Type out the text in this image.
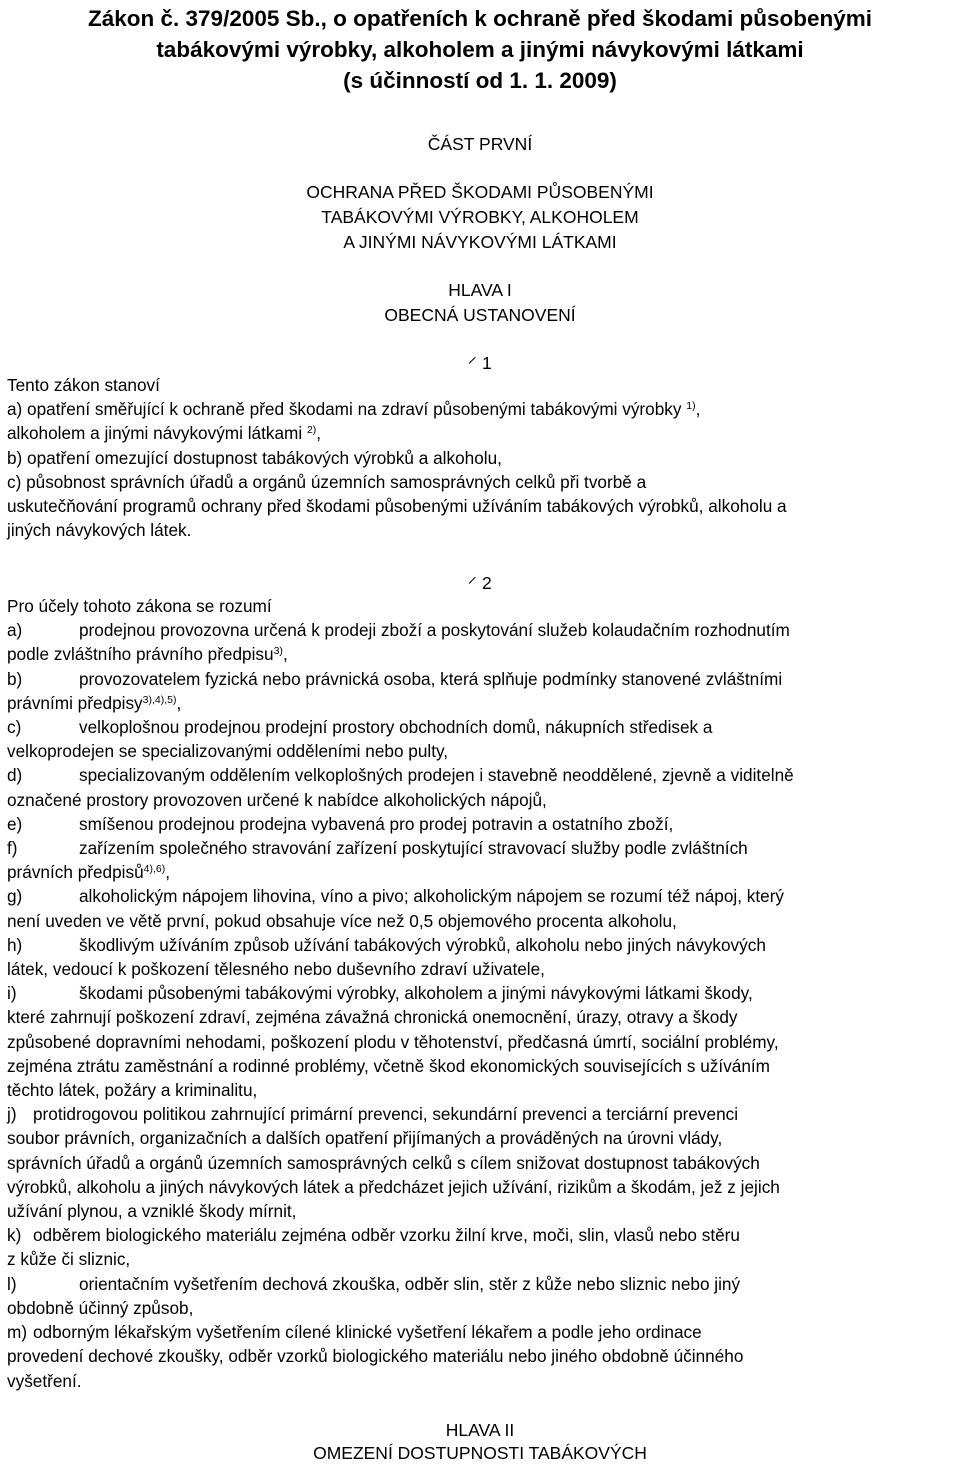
Zákon č. 379/2005 Sb., o opatřeních k ochraně před škodami působenými
tabákovými výrobky, alkoholem a jinými návykovými látkami
(s účinností od 1. 1. 2009)
ČÁST PRVNÍ
OCHRANA PŘED ŠKODAMI PŮSOBENÝMI
TABÁKOVÝMI VÝROBKY, ALKOHOLEM
A JINÝMI NÁVYKOVÝMI LÁTKAMI
HLAVA I
OBECNÁ USTANOVENÍ
1
Tento zákon stanoví
a) opatření směřující k ochraně před škodami na zdraví působenými tabákovými výrobky $^{1)}$,
alkoholem a jinými návykovými látkami $^{2)}$,
b) opatření omezující dostupnost tabákových výrobků a alkoholu,
c) působnost správních úřadů a orgánů územních samosprávných celků při tvorbě a
uskutečňování programů ochrany před škodami působenými užíváním tabákových výrobků, alkoholu a
jiných návykových látek.
2
Pro účely tohoto zákona se rozumí
a)	prodejnou provozovna určená k prodeji zboží a poskytování služeb kolaudačním rozhodnutím
podle zvláštního právního předpisu$^{3)}$,
b)	provozovatelem fyzická nebo právnická osoba, která splňuje podmínky stanovené zvláštními
právními předpisy$^{3),4),5)}$,
c)	velkoplošnou prodejnou prodejní prostory obchodních domů, nákupních středisek a
velkoprodejen se specializovanými odděleními nebo pulty,
d)	specializovaným oddělením velkoplošných prodejen i stavebně neoddělené, zjevně a viditelně
označené prostory provozoven určené k nabídce alkoholických nápojů,
e)	smíšenou prodejnou prodejna vybavená pro prodej potravin a ostatního zboží,
f)	zařízením společného stravování zařízení poskytující stravovací služby podle zvláštních
právních předpisů$^{4),6)}$,
g)	alkoholickým nápojem lihovina, víno a pivo; alkoholickým nápojem se rozumí též nápoj, který
není uveden ve větě první, pokud obsahuje více než 0,5 objemového procenta alkoholu,
h)	škodlivým užíváním způsob užívání tabákových výrobků, alkoholu nebo jiných návykových
látek, vedoucí k poškození tělesného nebo duševního zdraví uživatele,
i)	škodami působenými tabákovými výrobky, alkoholem a jinými návykovými látkami škody,
které zahrnují poškození zdraví, zejména závažná chronická onemocnění, úrazy, otravy a škody
způsobené dopravními nehodami, poškození plodu v těhotenství, předčasná úmrtí, sociální problémy,
zejména ztrátu zaměstnání a rodinné problémy, včetně škod ekonomických souvisejících s užíváním
těchto látek, požáry a kriminalitu,
j) protidrogovou politikou zahrnující primární prevenci, sekundární prevenci a terciární prevenci
soubor právních, organizačních a dalších opatření přijímaných a prováděných na úrovni vlády,
správních úřadů a orgánů územních samosprávných celků s cílem snižovat dostupnost tabákových
výrobků, alkoholu a jiných návykových látek a předcházet jejich užívání, rizikům a škodám, jež z jejich
užívání plynou, a vzniklé škody mírnit,
k) odběrem biologického materiálu zejména odběr vzorku žilní krve, moči, slin, vlasů nebo stěru
z kůže či sliznic,
l)	orientačním vyšetřením dechová zkouška, odběr slin, stěr z kůže nebo sliznic nebo jiný
obdobně účinný způsob,
m) odborným lékařským vyšetřením cílené klinické vyšetření lékařem a podle jeho ordinace
provedení dechové zkoušky, odběr vzorků biologického materiálu nebo jiného obdobně účinného
vyšetření.
HLAVA II
OMEZENÍ DOSTUPNOSTI TABÁKOVÝCH
